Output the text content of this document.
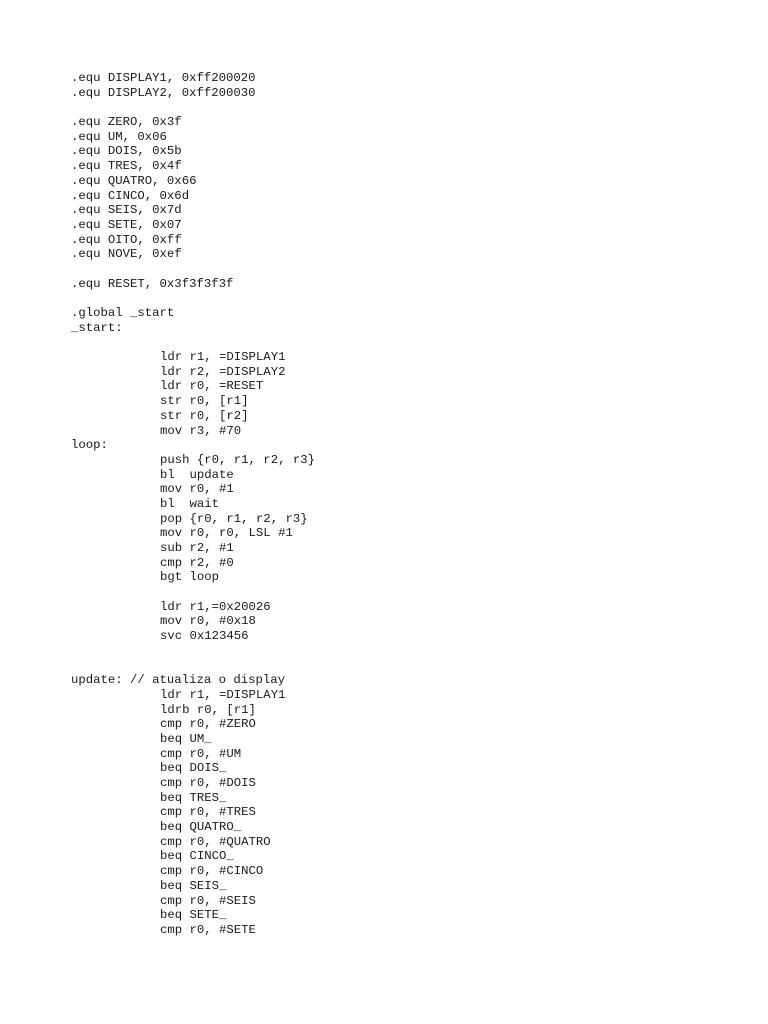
.equ DISPLAY1, 0xff200020
.equ DISPLAY2, 0xff200030
.equ ZERO, 0x3f
.equ UM, 0x06
.equ DOIS, 0x5b
.equ TRES, 0x4f
.equ QUATRO, 0x66
.equ CINCO, 0x6d
.equ SEIS, 0x7d
.equ SETE, 0x07
.equ OITO, 0xff
.equ NOVE, 0xef
.equ RESET, 0x3f3f3f3f
.global _start
_start:
ldr r1, =DISPLAY1
ldr r2, =DISPLAY2
ldr r0, =RESET
str r0, [r1]
str r0, [r2]
mov r3, #70
loop:
push {r0, r1, r2, r3}
bl  update
mov r0, #1
bl  wait
pop {r0, r1, r2, r3}
mov r0, r0, LSL #1
sub r2, #1
cmp r2, #0
bgt loop
ldr r1,=0x20026
mov r0, #0x18
svc 0x123456
update: // atualiza o display
ldr r1, =DISPLAY1
ldrb r0, [r1]
cmp r0, #ZERO
beq UM_
cmp r0, #UM
beq DOIS_
cmp r0, #DOIS
beq TRES_
cmp r0, #TRES
beq QUATRO_
cmp r0, #QUATRO
beq CINCO_
cmp r0, #CINCO
beq SEIS_
cmp r0, #SEIS
beq SETE_
cmp r0, #SETE
